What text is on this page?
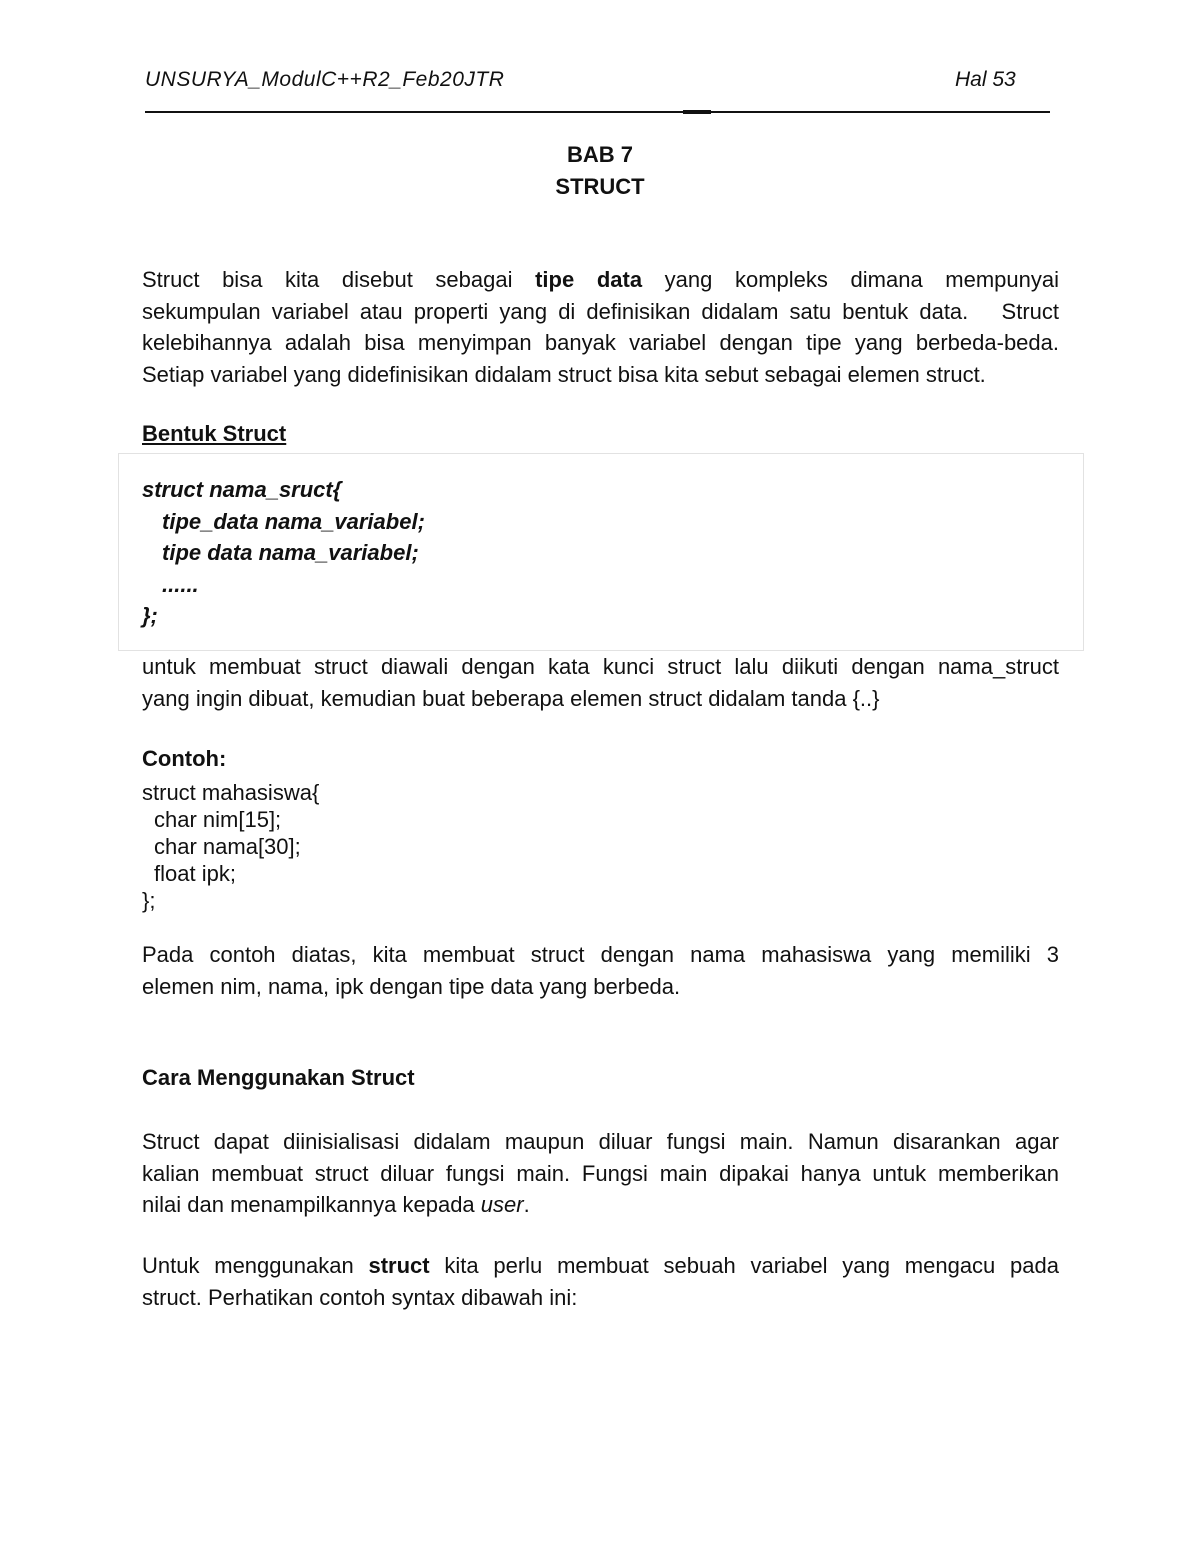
UNSURYA_ModulC++R2_Feb20JTR	Hal 53
BAB 7
STRUCT
Struct bisa kita disebut sebagai tipe data yang kompleks dimana mempunyai
sekumpulan variabel atau properti yang di definisikan didalam satu bentuk data.   Struct
kelebihannya adalah bisa menyimpan banyak variabel dengan tipe yang berbeda-beda.
Setiap variabel yang didefinisikan didalam struct bisa kita sebut sebagai elemen struct.
Bentuk Struct
struct nama_sruct{
tipe_data nama_variabel;
tipe data nama_variabel;
......
};
untuk membuat struct diawali dengan kata kunci struct lalu diikuti dengan nama_struct
yang ingin dibuat, kemudian buat beberapa elemen struct didalam tanda {..}
Contoh:
struct mahasiswa{
char nim[15];
char nama[30];
float ipk;
};
Pada contoh diatas, kita membuat struct dengan nama mahasiswa yang memiliki 3
elemen nim, nama, ipk dengan tipe data yang berbeda.
Cara Menggunakan Struct
Struct dapat diinisialisasi didalam maupun diluar fungsi main. Namun disarankan agar
kalian membuat struct diluar fungsi main. Fungsi main dipakai hanya untuk memberikan
nilai dan menampilkannya kepada user.
Untuk menggunakan struct kita perlu membuat sebuah variabel yang mengacu pada
struct. Perhatikan contoh syntax dibawah ini:
